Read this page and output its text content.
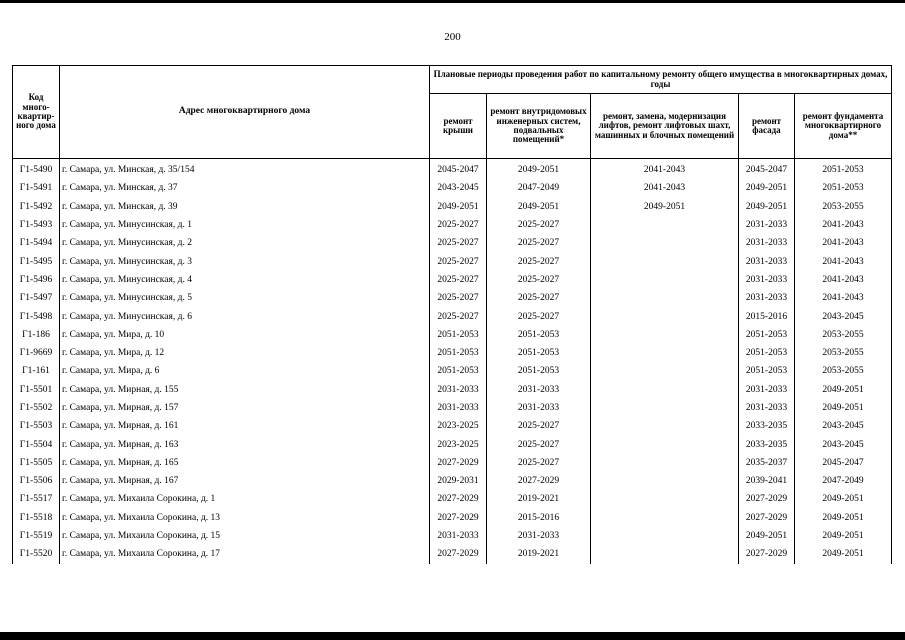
200
Код много-квартир-ного дома	Адрес многоквартирного дома	Плановые периоды проведения работ по капитальному ремонту общего имущества в многоквартирных домах, годы				
		ремонт крыши	ремонт внутридомовых инженерных систем, подвальных помещений*	ремонт, замена, модернизация лифтов, ремонт лифтовых шахт, машинных и блочных помещений	ремонт фасада	ремонт фундамента многоквартирного дома**
Г1-5490	г. Самара, ул. Минская, д. 35/154	2045-2047	2049-2051	2041-2043	2045-2047	2051-2053
Г1-5491	г. Самара, ул. Минская, д. 37	2043-2045	2047-2049	2041-2043	2049-2051	2051-2053
Г1-5492	г. Самара, ул. Минская, д. 39	2049-2051	2049-2051	2049-2051	2049-2051	2053-2055
Г1-5493	г. Самара, ул. Минусинская, д. 1	2025-2027	2025-2027		2031-2033	2041-2043
Г1-5494	г. Самара, ул. Минусинская, д. 2	2025-2027	2025-2027		2031-2033	2041-2043
Г1-5495	г. Самара, ул. Минусинская, д. 3	2025-2027	2025-2027		2031-2033	2041-2043
Г1-5496	г. Самара, ул. Минусинская, д. 4	2025-2027	2025-2027		2031-2033	2041-2043
Г1-5497	г. Самара, ул. Минусинская, д. 5	2025-2027	2025-2027		2031-2033	2041-2043
Г1-5498	г. Самара, ул. Минусинская, д. 6	2025-2027	2025-2027		2015-2016	2043-2045
Г1-186	г. Самара, ул. Мира, д. 10	2051-2053	2051-2053		2051-2053	2053-2055
Г1-9669	г. Самара, ул. Мира, д. 12	2051-2053	2051-2053		2051-2053	2053-2055
Г1-161	г. Самара, ул. Мира, д. 6	2051-2053	2051-2053		2051-2053	2053-2055
Г1-5501	г. Самара, ул. Мирная, д. 155	2031-2033	2031-2033		2031-2033	2049-2051
Г1-5502	г. Самара, ул. Мирная, д. 157	2031-2033	2031-2033		2031-2033	2049-2051
Г1-5503	г. Самара, ул. Мирная, д. 161	2023-2025	2025-2027		2033-2035	2043-2045
Г1-5504	г. Самара, ул. Мирная, д. 163	2023-2025	2025-2027		2033-2035	2043-2045
Г1-5505	г. Самара, ул. Мирная, д. 165	2027-2029	2025-2027		2035-2037	2045-2047
Г1-5506	г. Самара, ул. Мирная, д. 167	2029-2031	2027-2029		2039-2041	2047-2049
Г1-5517	г. Самара, ул. Михаила Сорокина, д. 1	2027-2029	2019-2021		2027-2029	2049-2051
Г1-5518	г. Самара, ул. Михаила Сорокина, д. 13	2027-2029	2015-2016		2027-2029	2049-2051
Г1-5519	г. Самара, ул. Михаила Сорокина, д. 15	2031-2033	2031-2033		2049-2051	2049-2051
Г1-5520	г. Самара, ул. Михаила Сорокина, д. 17	2027-2029	2019-2021		2027-2029	2049-2051
